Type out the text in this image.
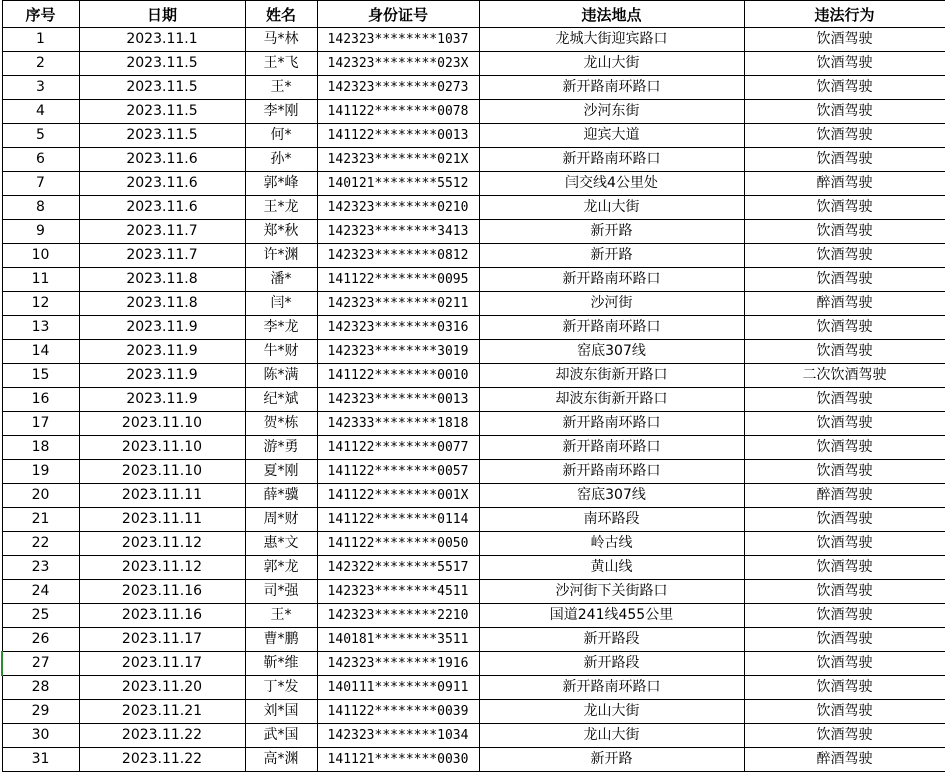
序号	日期	姓名	身份证号	违法地点	违法行为
1	2023.11.1	马*林	142323********1037	龙城大街迎宾路口	饮酒驾驶
2	2023.11.5	王*飞	142323********023X	龙山大街	饮酒驾驶
3	2023.11.5	王*	142323********0273	新开路南环路口	饮酒驾驶
4	2023.11.5	李*刚	141122********0078	沙河东街	饮酒驾驶
5	2023.11.5	何*	141122********0013	迎宾大道	饮酒驾驶
6	2023.11.6	孙*	142323********021X	新开路南环路口	饮酒驾驶
7	2023.11.6	郭*峰	140121********5512	闫交线4公里处	醉酒驾驶
8	2023.11.6	王*龙	142323********0210	龙山大街	饮酒驾驶
9	2023.11.7	郑*秋	142323********3413	新开路	饮酒驾驶
10	2023.11.7	许*渊	142323********0812	新开路	饮酒驾驶
11	2023.11.8	潘*	141122********0095	新开路南环路口	饮酒驾驶
12	2023.11.8	闫*	142323********0211	沙河街	醉酒驾驶
13	2023.11.9	李*龙	142323********0316	新开路南环路口	饮酒驾驶
14	2023.11.9	牛*财	142323********3019	窑底307线	饮酒驾驶
15	2023.11.9	陈*满	141122********0010	却波东街新开路口	二次饮酒驾驶
16	2023.11.9	纪*斌	142323********0013	却波东街新开路口	饮酒驾驶
17	2023.11.10	贺*栋	142333********1818	新开路南环路口	饮酒驾驶
18	2023.11.10	游*勇	141122********0077	新开路南环路口	饮酒驾驶
19	2023.11.10	夏*刚	141122********0057	新开路南环路口	饮酒驾驶
20	2023.11.11	薛*骥	141122********001X	窑底307线	醉酒驾驶
21	2023.11.11	周*财	141122********0114	南环路段	饮酒驾驶
22	2023.11.12	惠*文	141122********0050	岭古线	饮酒驾驶
23	2023.11.12	郭*龙	142322********5517	黄山线	饮酒驾驶
24	2023.11.16	司*强	142323********4511	沙河街下关街路口	饮酒驾驶
25	2023.11.16	王*	142323********2210	国道241线455公里	饮酒驾驶
26	2023.11.17	曹*鹏	140181********3511	新开路段	饮酒驾驶
27	2023.11.17	靳*维	142323********1916	新开路段	饮酒驾驶
28	2023.11.20	丁*发	140111********0911	新开路南环路口	饮酒驾驶
29	2023.11.21	刘*国	141122********0039	龙山大街	饮酒驾驶
30	2023.11.22	武*国	142323********1034	龙山大街	饮酒驾驶
31	2023.11.22	高*渊	141121********0030	新开路	醉酒驾驶
